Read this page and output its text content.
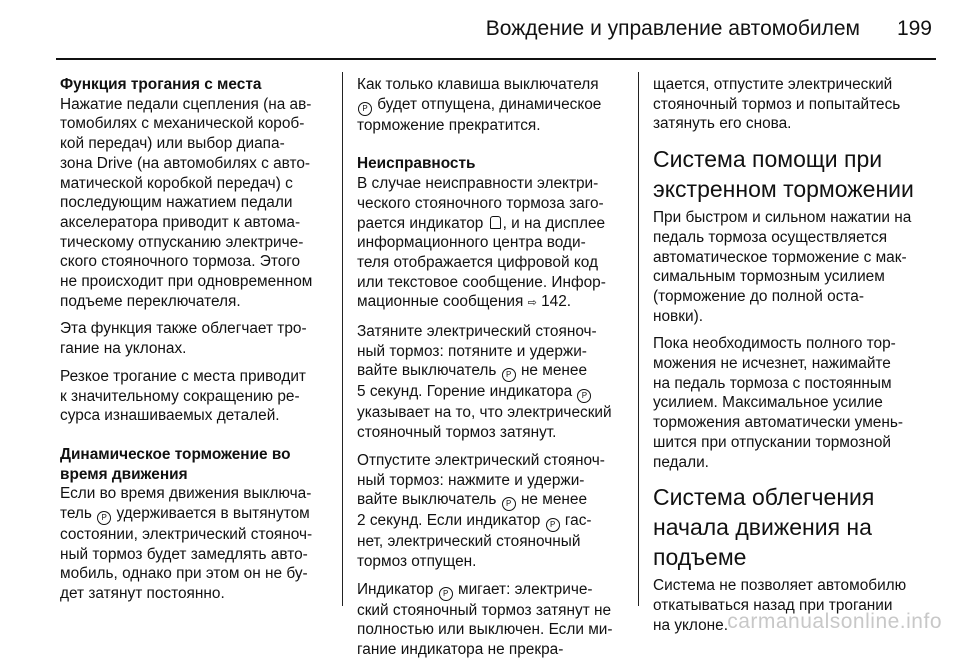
Вождение и управление автомобилем	199
Функция трогания с места

Нажатие педали сцепления (на ав-
томобилях с механической короб-
кой передач) или выбор диапа-
зона Drive (на автомобилях с авто-
матической коробкой передач) с
последующим нажатием педали
акселератора приводит к автома-
тическому отпусканию электриче-
ского стояночного тормоза. Этого
не происходит при одновременном
подъеме переключателя.

Эта функция также облегчает тро-
гание на уклонах.

Резкое трогание с места приводит
к значительному сокращению ре-
сурса изнашиваемых деталей.

Динамическое торможение во
время движения

Если во время движения выключа-
тель P удерживается в вытянутом
состоянии, электрический стояноч-
ный тормоз будет замедлять авто-
мобиль, однако при этом он не бу-
дет затянут постоянно.

Как только клавиша выключателя
P будет отпущена, динамическое
торможение прекратится.

Неисправность

В случае неисправности электри-
ческого стояночного тормоза заго-
рается индикатор , и на дисплее
информационного центра води-
теля отображается цифровой код
или текстовое сообщение. Инфор-
мационные сообщения ⇨ 142.

Затяните электрический стояноч-
ный тормоз: потяните и удержи-
вайте выключатель P не менее
5 секунд. Горение индикатора P
указывает на то, что электрический
стояночный тормоз затянут.

Отпустите электрический стояноч-
ный тормоз: нажмите и удержи-
вайте выключатель P не менее
2 секунд. Если индикатор P гас-
нет, электрический стояночный
тормоз отпущен.

Индикатор P мигает: электриче-
ский стояночный тормоз затянут не
полностью или выключен. Если ми-
гание индикатора не прекра-

щается, отпустите электрический
стояночный тормоз и попытайтесь
затянуть его снова.

Система помощи при
экстренном торможении

При быстром и сильном нажатии на
педаль тормоза осуществляется
автоматическое торможение с мак-
симальным тормозным усилием
(торможение до полной оста-
новки).

Пока необходимость полного тор-
можения не исчезнет, нажимайте
на педаль тормоза с постоянным
усилием. Максимальное усилие
торможения автоматически умень-
шится при отпускании тормозной
педали.

Система облегчения
начала движения на
подъеме

Система не позволяет автомобилю
откатываться назад при трогании
на уклоне. carmanualsonline.info
